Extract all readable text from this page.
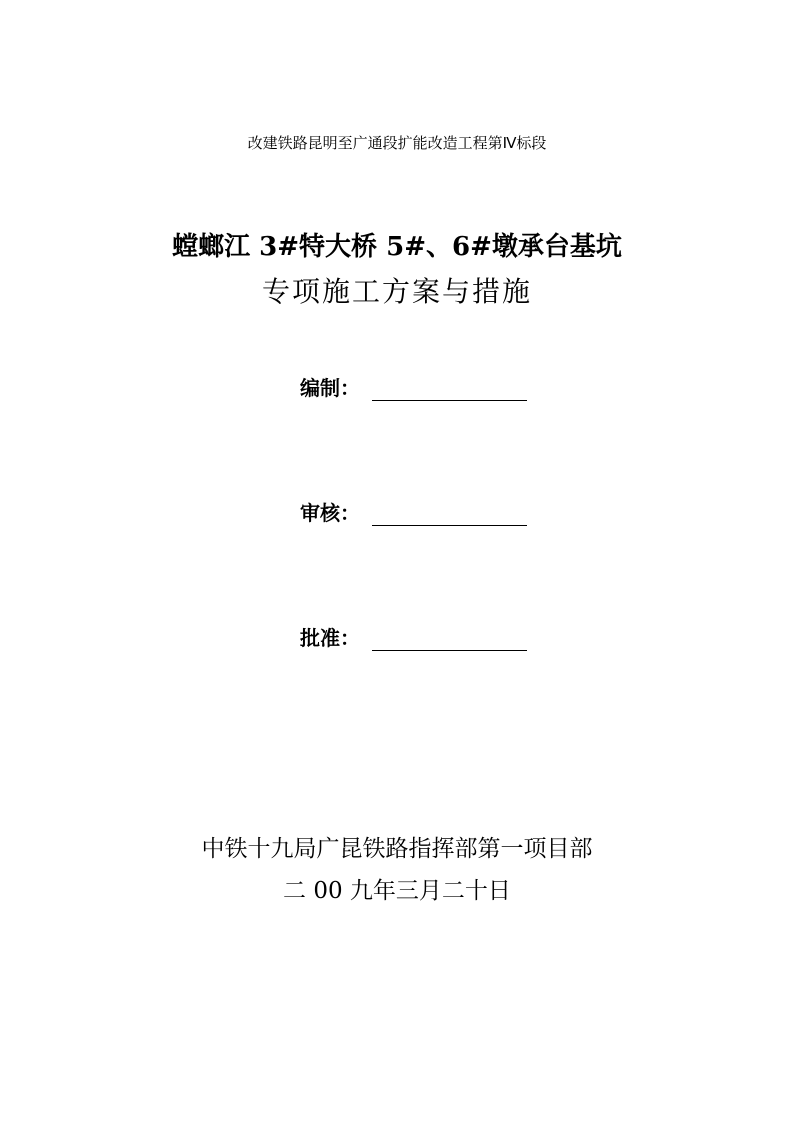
改建铁路昆明至广通段扩能改造工程第Ⅳ标段
螳螂江 3#特大桥 5#、6#墩承台基坑
专项施工方案与措施
编制：
审核：
批准：
中铁十九局广昆铁路指挥部第一项目部
二 00 九年三月二十日
